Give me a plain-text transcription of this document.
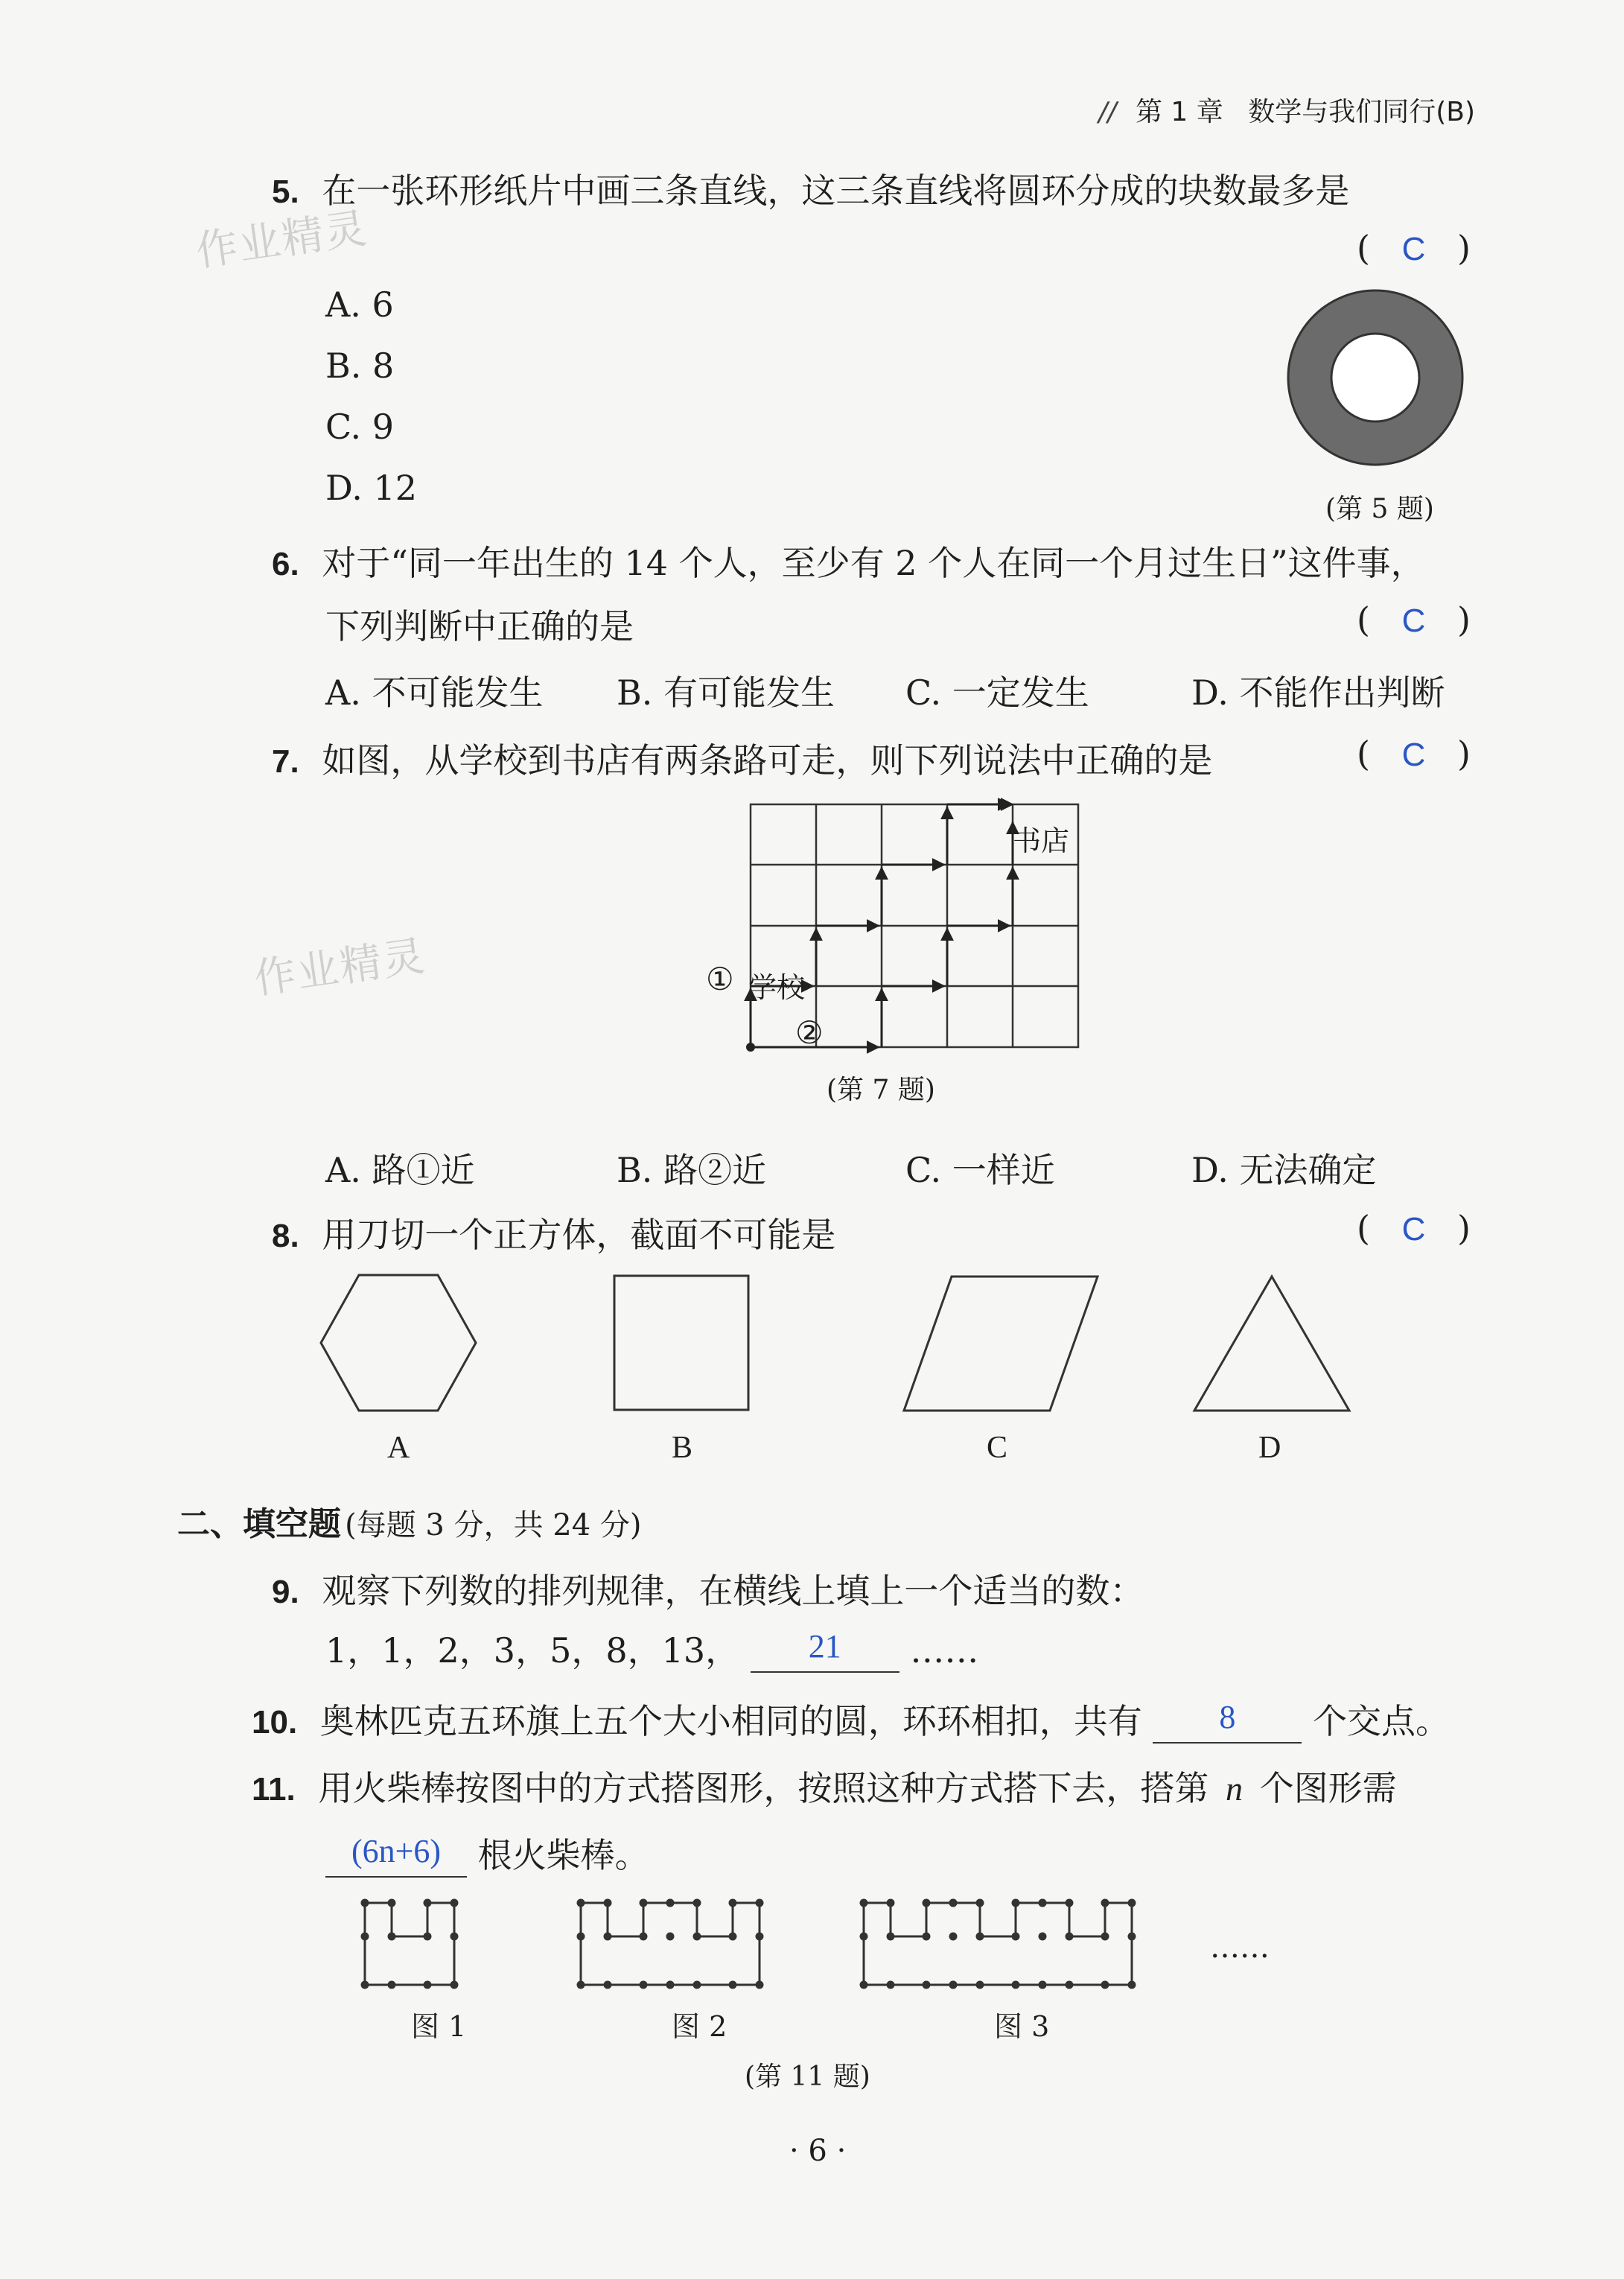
// 第 1 章 数学与我们同行(B)
作业精灵
作业精灵
5. 在一张环形纸片中画三条直线，这三条直线将圆环分成的块数最多是
( C )
A. 6
B. 8
C. 9
D. 12
(第 5 题)
6. 对于“同一年出生的 14 个人，至少有 2 个人在同一个月过生日”这件事，
下列判断中正确的是	( C )
A. 不可能发生 B. 有可能发生 C. 一定发生	D. 不能作出判断
7. 如图，从学校到书店有两条路可走，则下列说法中正确的是	( C )
书店
学校
①
②
(第 7 题)
A. 路①近	B. 路②近	C. 一样近	D. 无法确定
8. 用刀切一个正方体，截面不可能是	( C )
A	B	C	D
二、填空题 (每题 3 分，共 24 分)
9. 观察下列数的排列规律，在横线上填上一个适当的数：
1，1，2，3，5，8，13， 21 ……
10. 奥林匹克五环旗上五个大小相同的圆，环环相扣，共有 8 个交点。
11. 用火柴棒按图中的方式搭图形，按照这种方式搭下去，搭第 n 个图形需
(6n+6) 根火柴棒。
图 1	图 2	图 3
……
(第 11 题)
· 6 ·
